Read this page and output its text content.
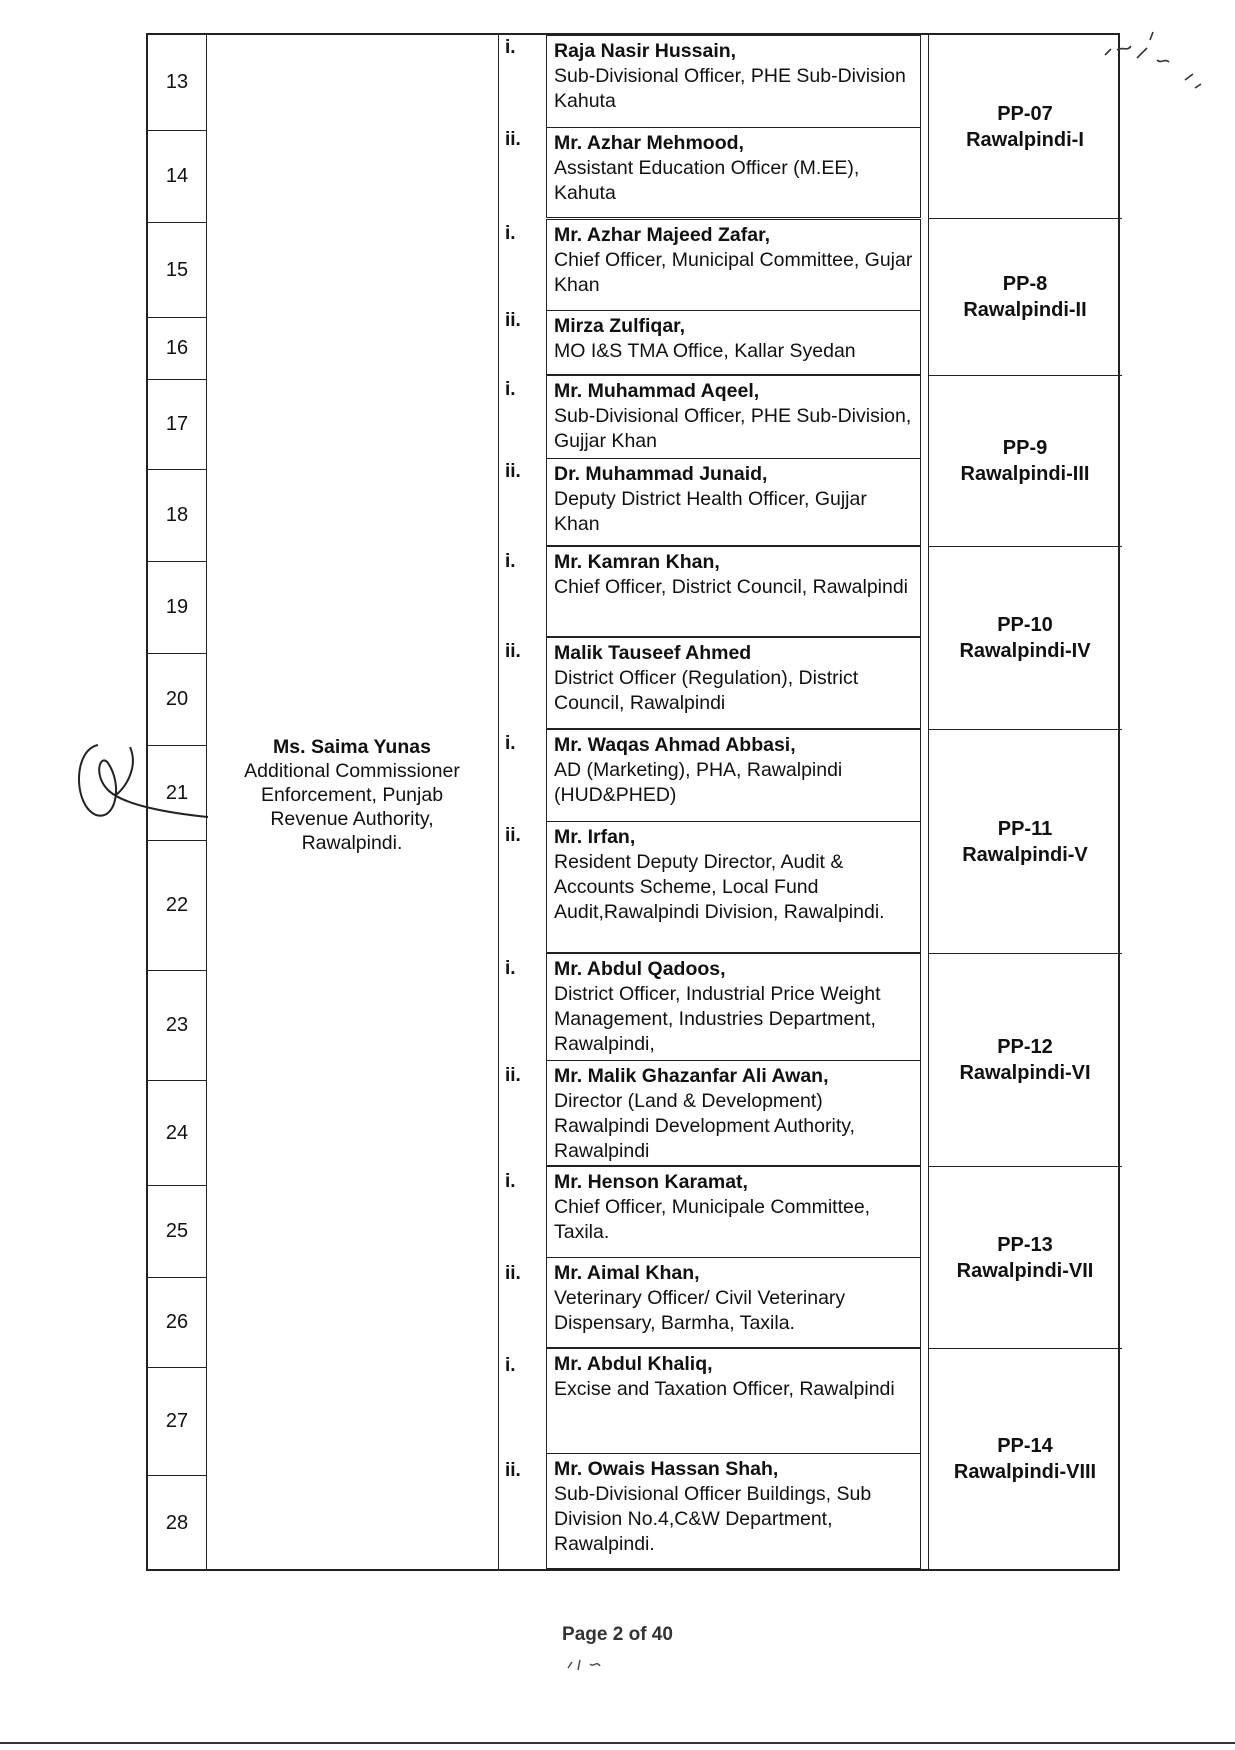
13
14
15
16
17
18
19
20
21
22
23
24
25
26
27
28
Ms. Saima Yunas
Additional Commissioner
Enforcement, Punjab
Revenue Authority,
Rawalpindi.
i.
ii.
i.
ii.
i.
ii.
i.
ii.
i.
ii.
i.
ii.
i.
ii.
i.
ii.
Raja Nasir Hussain,
Sub-Divisional Officer, PHE Sub-Division Kahuta
Mr. Azhar Mehmood,
Assistant Education Officer (M.EE), Kahuta
Mr. Azhar Majeed Zafar,
Chief Officer, Municipal Committee, Gujar Khan
Mirza Zulfiqar,
MO I&S TMA Office, Kallar Syedan
Mr. Muhammad Aqeel,
Sub-Divisional Officer, PHE Sub-Division, Gujjar Khan
Dr. Muhammad Junaid,
Deputy District Health Officer, Gujjar Khan
Mr. Kamran Khan,
Chief Officer, District Council, Rawalpindi
Malik Tauseef Ahmed
District Officer (Regulation), District Council, Rawalpindi
Mr. Waqas Ahmad Abbasi,
AD (Marketing), PHA, Rawalpindi (HUD&PHED)
Mr. Irfan,
Resident Deputy Director, Audit & Accounts Scheme, Local Fund Audit,Rawalpindi Division, Rawalpindi.
Mr. Abdul Qadoos,
District Officer, Industrial Price Weight Management, Industries Department, Rawalpindi,
Mr. Malik Ghazanfar Ali Awan,
Director (Land & Development) Rawalpindi Development Authority, Rawalpindi
Mr. Henson Karamat,
Chief Officer, Municipale Committee, Taxila.
Mr. Aimal Khan,
Veterinary Officer/ Civil Veterinary Dispensary, Barmha, Taxila.
Mr. Abdul Khaliq,
Excise and Taxation Officer, Rawalpindi
Mr. Owais Hassan Shah,
Sub-Divisional Officer Buildings, Sub Division No.4,C&W Department, Rawalpindi.
PP-07
Rawalpindi-I
PP-8
Rawalpindi-II
PP-9
Rawalpindi-III
PP-10
Rawalpindi-IV
PP-11
Rawalpindi-V
PP-12
Rawalpindi-VI
PP-13
Rawalpindi-VII
PP-14
Rawalpindi-VIII
Page 2 of 40
